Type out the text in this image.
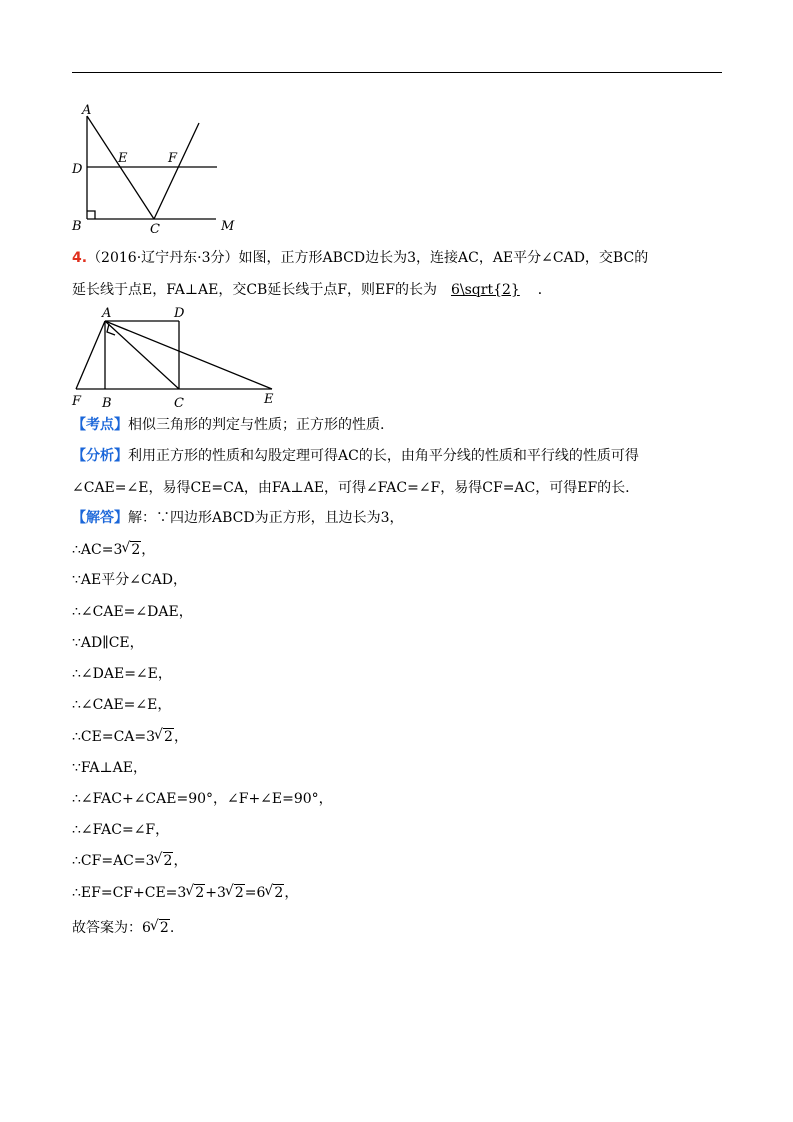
A
D
E	F
B	C	M
4.（2016·辽宁丹东·3分）如图，正方形ABCD边长为3，连接AC，AE平分∠CAD，交BC的
延长线于点E，FA⊥AE，交CB延长线于点F，则EF的长为 6\sqrt{2} ．
A	D
F B	C	E
【考点】相似三角形的判定与性质；正方形的性质.
【分析】利用正方形的性质和勾股定理可得AC的长，由角平分线的性质和平行线的性质可得
∠CAE=∠E，易得CE=CA，由FA⊥AE，可得∠FAC=∠F，易得CF=AC，可得EF的长.
【解答】解：∵四边形ABCD为正方形，且边长为3，
∴AC=3 √ 2，
∵AE平分∠CAD，
∴∠CAE=∠DAE，
∵AD∥CE，
∴∠DAE=∠E，
∴∠CAE=∠E，
∴CE=CA=3 √ 2，
∵FA⊥AE，
∴∠FAC+∠CAE=90°，∠F+∠E=90°，
∴∠FAC=∠F，
∴CF=AC=3 √ 2，
∴EF=CF+CE=3 √ 2+3 √ 2=6 √ 2，
故答案为：6 √ 2.
